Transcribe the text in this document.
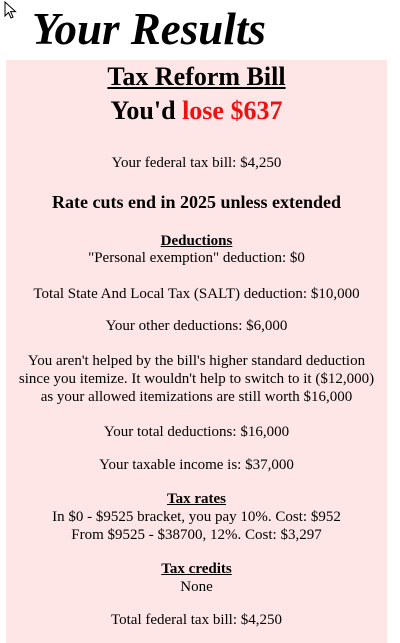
Your Results
Tax Reform Bill
You'd lose $637
Your federal tax bill: $4,250
Rate cuts end in 2025 unless extended
Deductions
"Personal exemption" deduction: $0
Total State And Local Tax (SALT) deduction: $10,000
Your other deductions: $6,000
You aren't helped by the bill's higher standard deduction
since you itemize. It wouldn't help to switch to it ($12,000)
as your allowed itemizations are still worth $16,000
Your total deductions: $16,000
Your taxable income is: $37,000
Tax rates
In $0 - $9525 bracket, you pay 10%. Cost: $952
From $9525 - $38700, 12%. Cost: $3,297
Tax credits
None
Total federal tax bill: $4,250
